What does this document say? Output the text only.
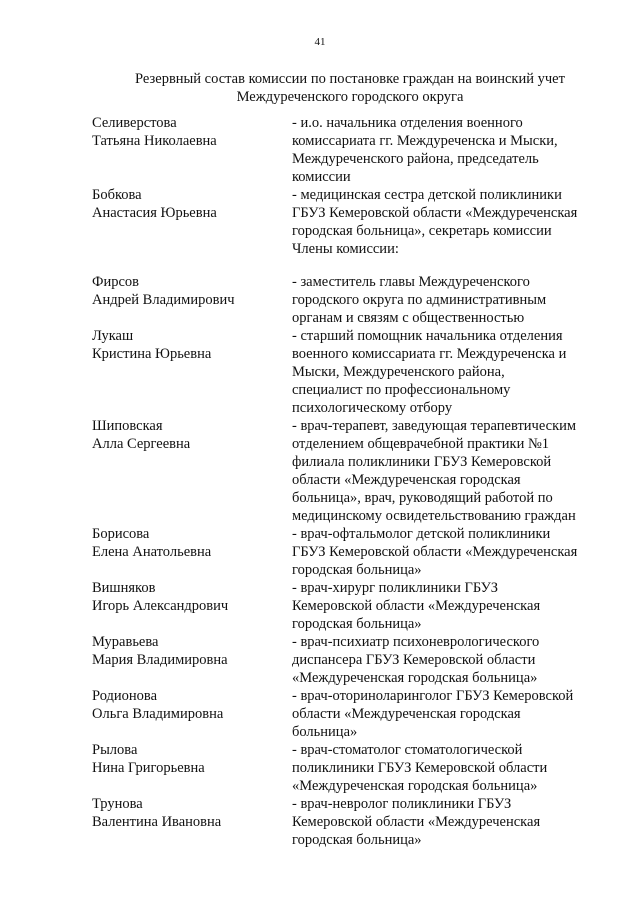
41
Резервный состав комиссии по постановке граждан на воинский учет
Междуреченского городского округа
Селиверстова
Татьяна Николаевна
- и.о. начальника отделения военного
комиссариата гг. Междуреченска и Мыски,
Междуреченского района, председатель
комиссии
Бобкова
Анастасия Юрьевна
- медицинская сестра детской поликлиники
ГБУЗ Кемеровской области «Междуреченская
городская больница», секретарь комиссии
Члены комиссии:
Фирсов
Андрей Владимирович
- заместитель главы Междуреченского
городского округа по административным
органам и связям с общественностью
Лукаш
Кристина Юрьевна
- старший помощник начальника отделения
военного комиссариата гг. Междуреченска и
Мыски, Междуреченского района,
специалист по профессиональному
психологическому отбору
Шиповская
Алла Сергеевна
- врач-терапевт, заведующая терапевтическим
отделением общеврачебной практики №1
филиала поликлиники ГБУЗ Кемеровской
области «Междуреченская городская
больница», врач, руководящий работой по
медицинскому освидетельствованию граждан
Борисова
Елена Анатольевна
- врач-офтальмолог детской поликлиники
ГБУЗ Кемеровской области «Междуреченская
городская больница»
Вишняков
Игорь Александрович
- врач-хирург поликлиники ГБУЗ
Кемеровской области «Междуреченская
городская больница»
Муравьева
Мария Владимировна
- врач-психиатр психоневрологического
диспансера ГБУЗ Кемеровской области
«Междуреченская городская больница»
Родионова
Ольга Владимировна
- врач-оториноларинголог ГБУЗ Кемеровской
области «Междуреченская городская
больница»
Рылова
Нина Григорьевна
- врач-стоматолог стоматологической
поликлиники ГБУЗ Кемеровской области
«Междуреченская городская больница»
Трунова
Валентина Ивановна
- врач-невролог поликлиники ГБУЗ
Кемеровской области «Междуреченская
городская больница»
